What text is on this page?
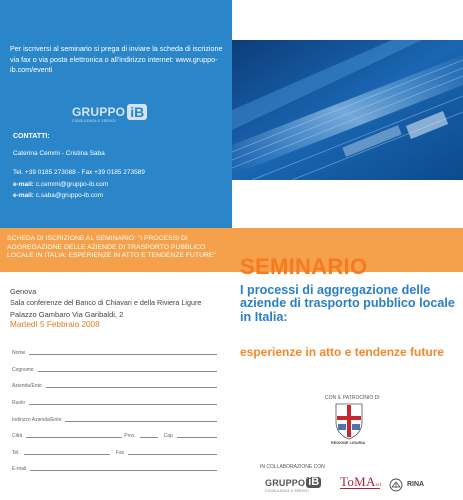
Per iscriversi al seminario si prega di inviare la scheda di iscrizione via fax o via posta elettronica o all'indirizzo internet: www.gruppo-ib.com/eventi

GRUPPO iB
CONSULENZA E SERVIZI
CONTATTI:
Caterina Cemmi - Cristina Saba
Tel. +39 0185 273088 - Fax +39 0185 273589
e-mail: c.cemmi@gruppo-ib.com
e-mail: c.saba@gruppo-ib.com
GENOVA 5 FEBBRAIO 2008
ORE 14,00
SALA CONFERENZE DEL BANCO DI CHIAVARI E DELLA RIVIERA LIGURE
PALAZZO GAMBARO VIA GARIBALDI,2
SCHEDA DI ISCRIZIONE AL SEMINARIO: "I PROCESSI DI AGGREGAZIONE DELLE AZIENDE DI TRASPORTO PUBBLICO LOCALE IN ITALIA: ESPERIENZE IN ATTO E TENDENZE FUTURE"	SEMINARIO
Genova
Sala conferenze del Banco di Chiavari e della Riviera Ligure
Palazzo Gambaro Via Garibaldi, 2
Martedì 5 Febbraio 2008
Nome
Cognome
Azienda/Ente
Ruolo
Indirizzo Azienda/Ente
Città	Prov.	Cap
Tel.	Fax
E-mail
I processi di aggregazione delle aziende di trasporto pubblico locale in Italia:
esperienze in atto e tendenze future
CON IL PATROCINIO DI
REGIONE LIGURIA
IN COLLABORAZIONE CON
GRUPPO iB
CONSULENZA E SERVIZI
ToMAsrl	RINA
